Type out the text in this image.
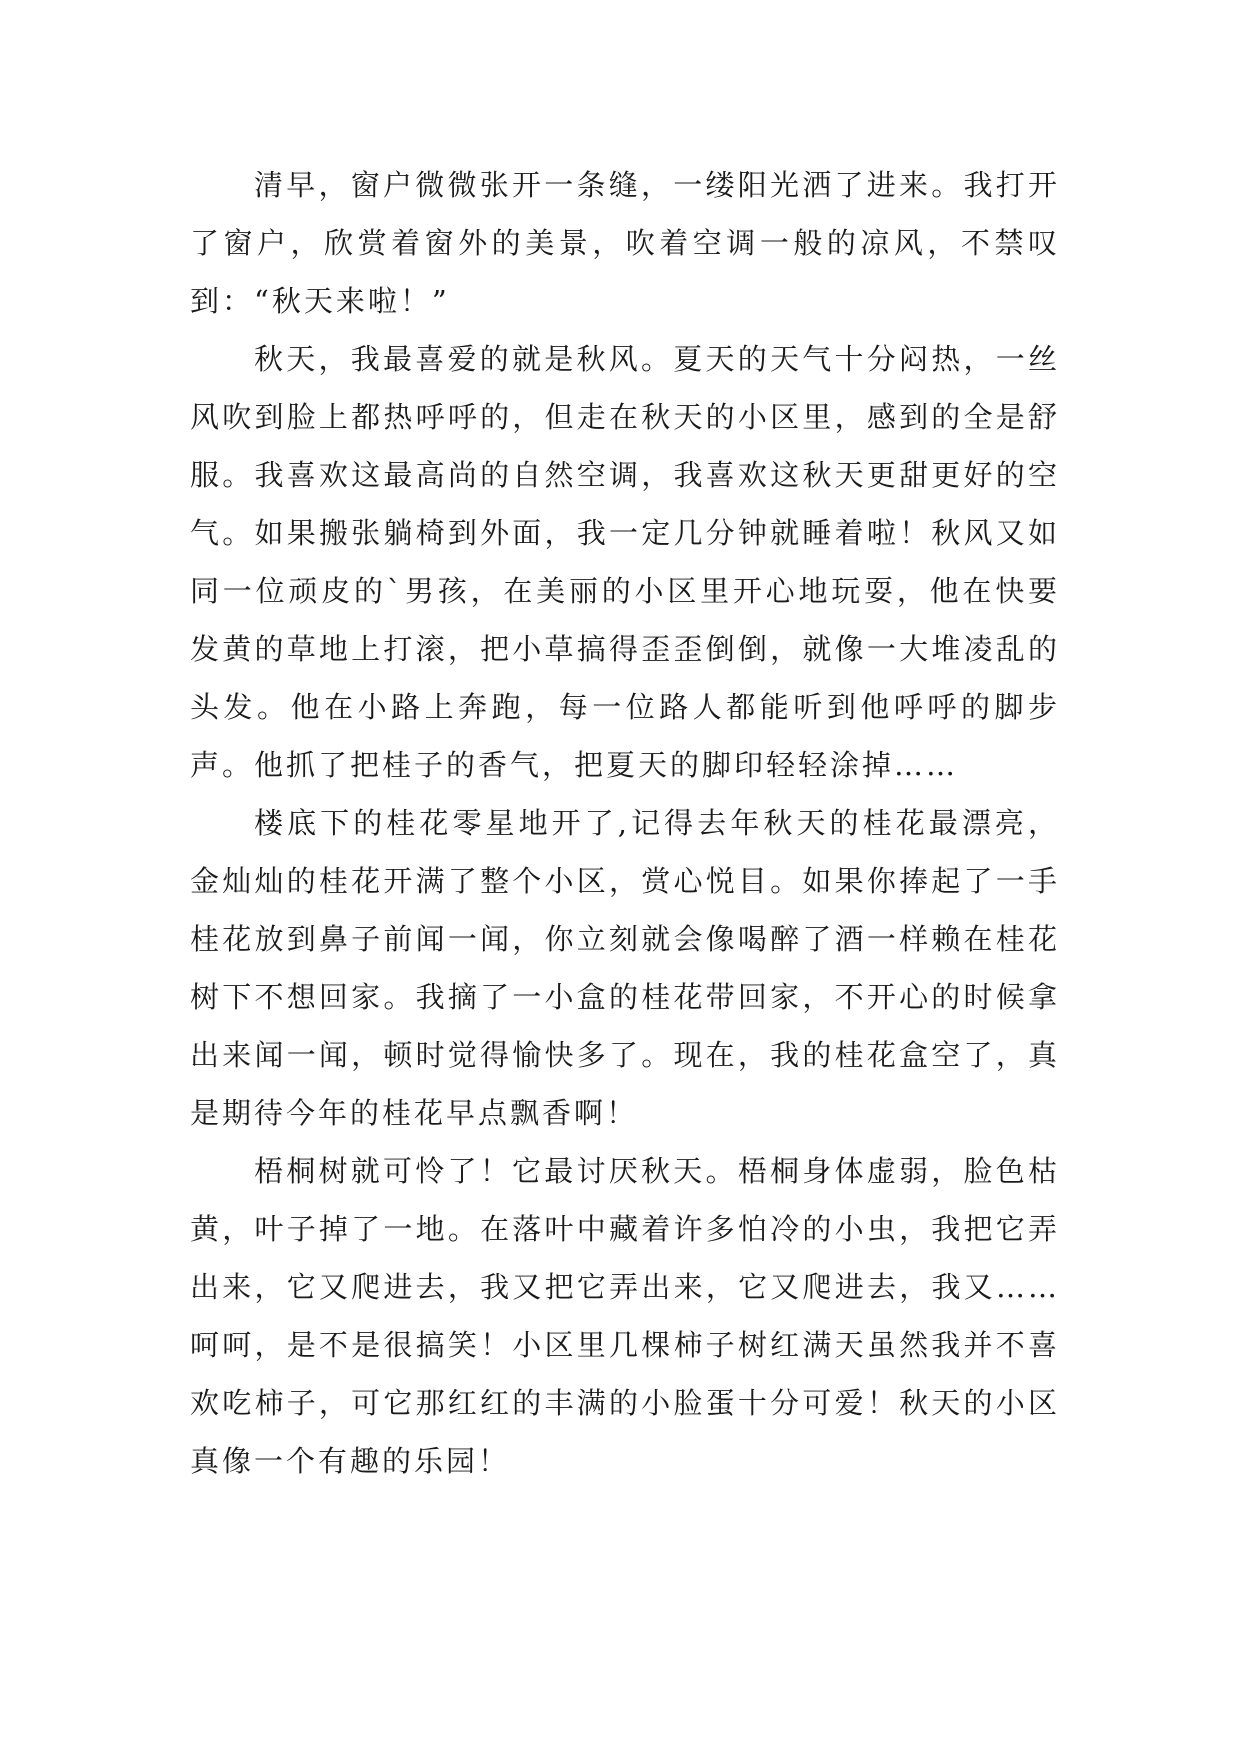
清早，窗户微微张开一条缝，一缕阳光洒了进来。我打开了窗户，欣赏着窗外的美景，吹着空调一般的凉风，不禁叹到：“秋天来啦！”

秋天，我最喜爱的就是秋风。夏天的天气十分闷热，一丝风吹到脸上都热呼呼的，但走在秋天的小区里，感到的全是舒服。我喜欢这最高尚的自然空调，我喜欢这秋天更甜更好的空气。如果搬张躺椅到外面，我一定几分钟就睡着啦！秋风又如同一位顽皮的`男孩，在美丽的小区里开心地玩耍，他在快要发黄的草地上打滚，把小草搞得歪歪倒倒，就像一大堆凌乱的头发。他在小路上奔跑，每一位路人都能听到他呼呼的脚步声。他抓了把桂子的香气，把夏天的脚印轻轻涂掉……

楼底下的桂花零星地开了,记得去年秋天的桂花最漂亮，金灿灿的桂花开满了整个小区，赏心悦目。如果你捧起了一手桂花放到鼻子前闻一闻，你立刻就会像喝醉了酒一样赖在桂花树下不想回家。我摘了一小盒的桂花带回家，不开心的时候拿出来闻一闻，顿时觉得愉快多了。现在，我的桂花盒空了，真是期待今年的桂花早点飘香啊！

梧桐树就可怜了！它最讨厌秋天。梧桐身体虚弱，脸色枯黄，叶子掉了一地。在落叶中藏着许多怕冷的小虫，我把它弄出来，它又爬进去，我又把它弄出来，它又爬进去，我又……呵呵，是不是很搞笑！小区里几棵柿子树红满天虽然我并不喜欢吃柿子，可它那红红的丰满的小脸蛋十分可爱！秋天的小区真像一个有趣的乐园！
